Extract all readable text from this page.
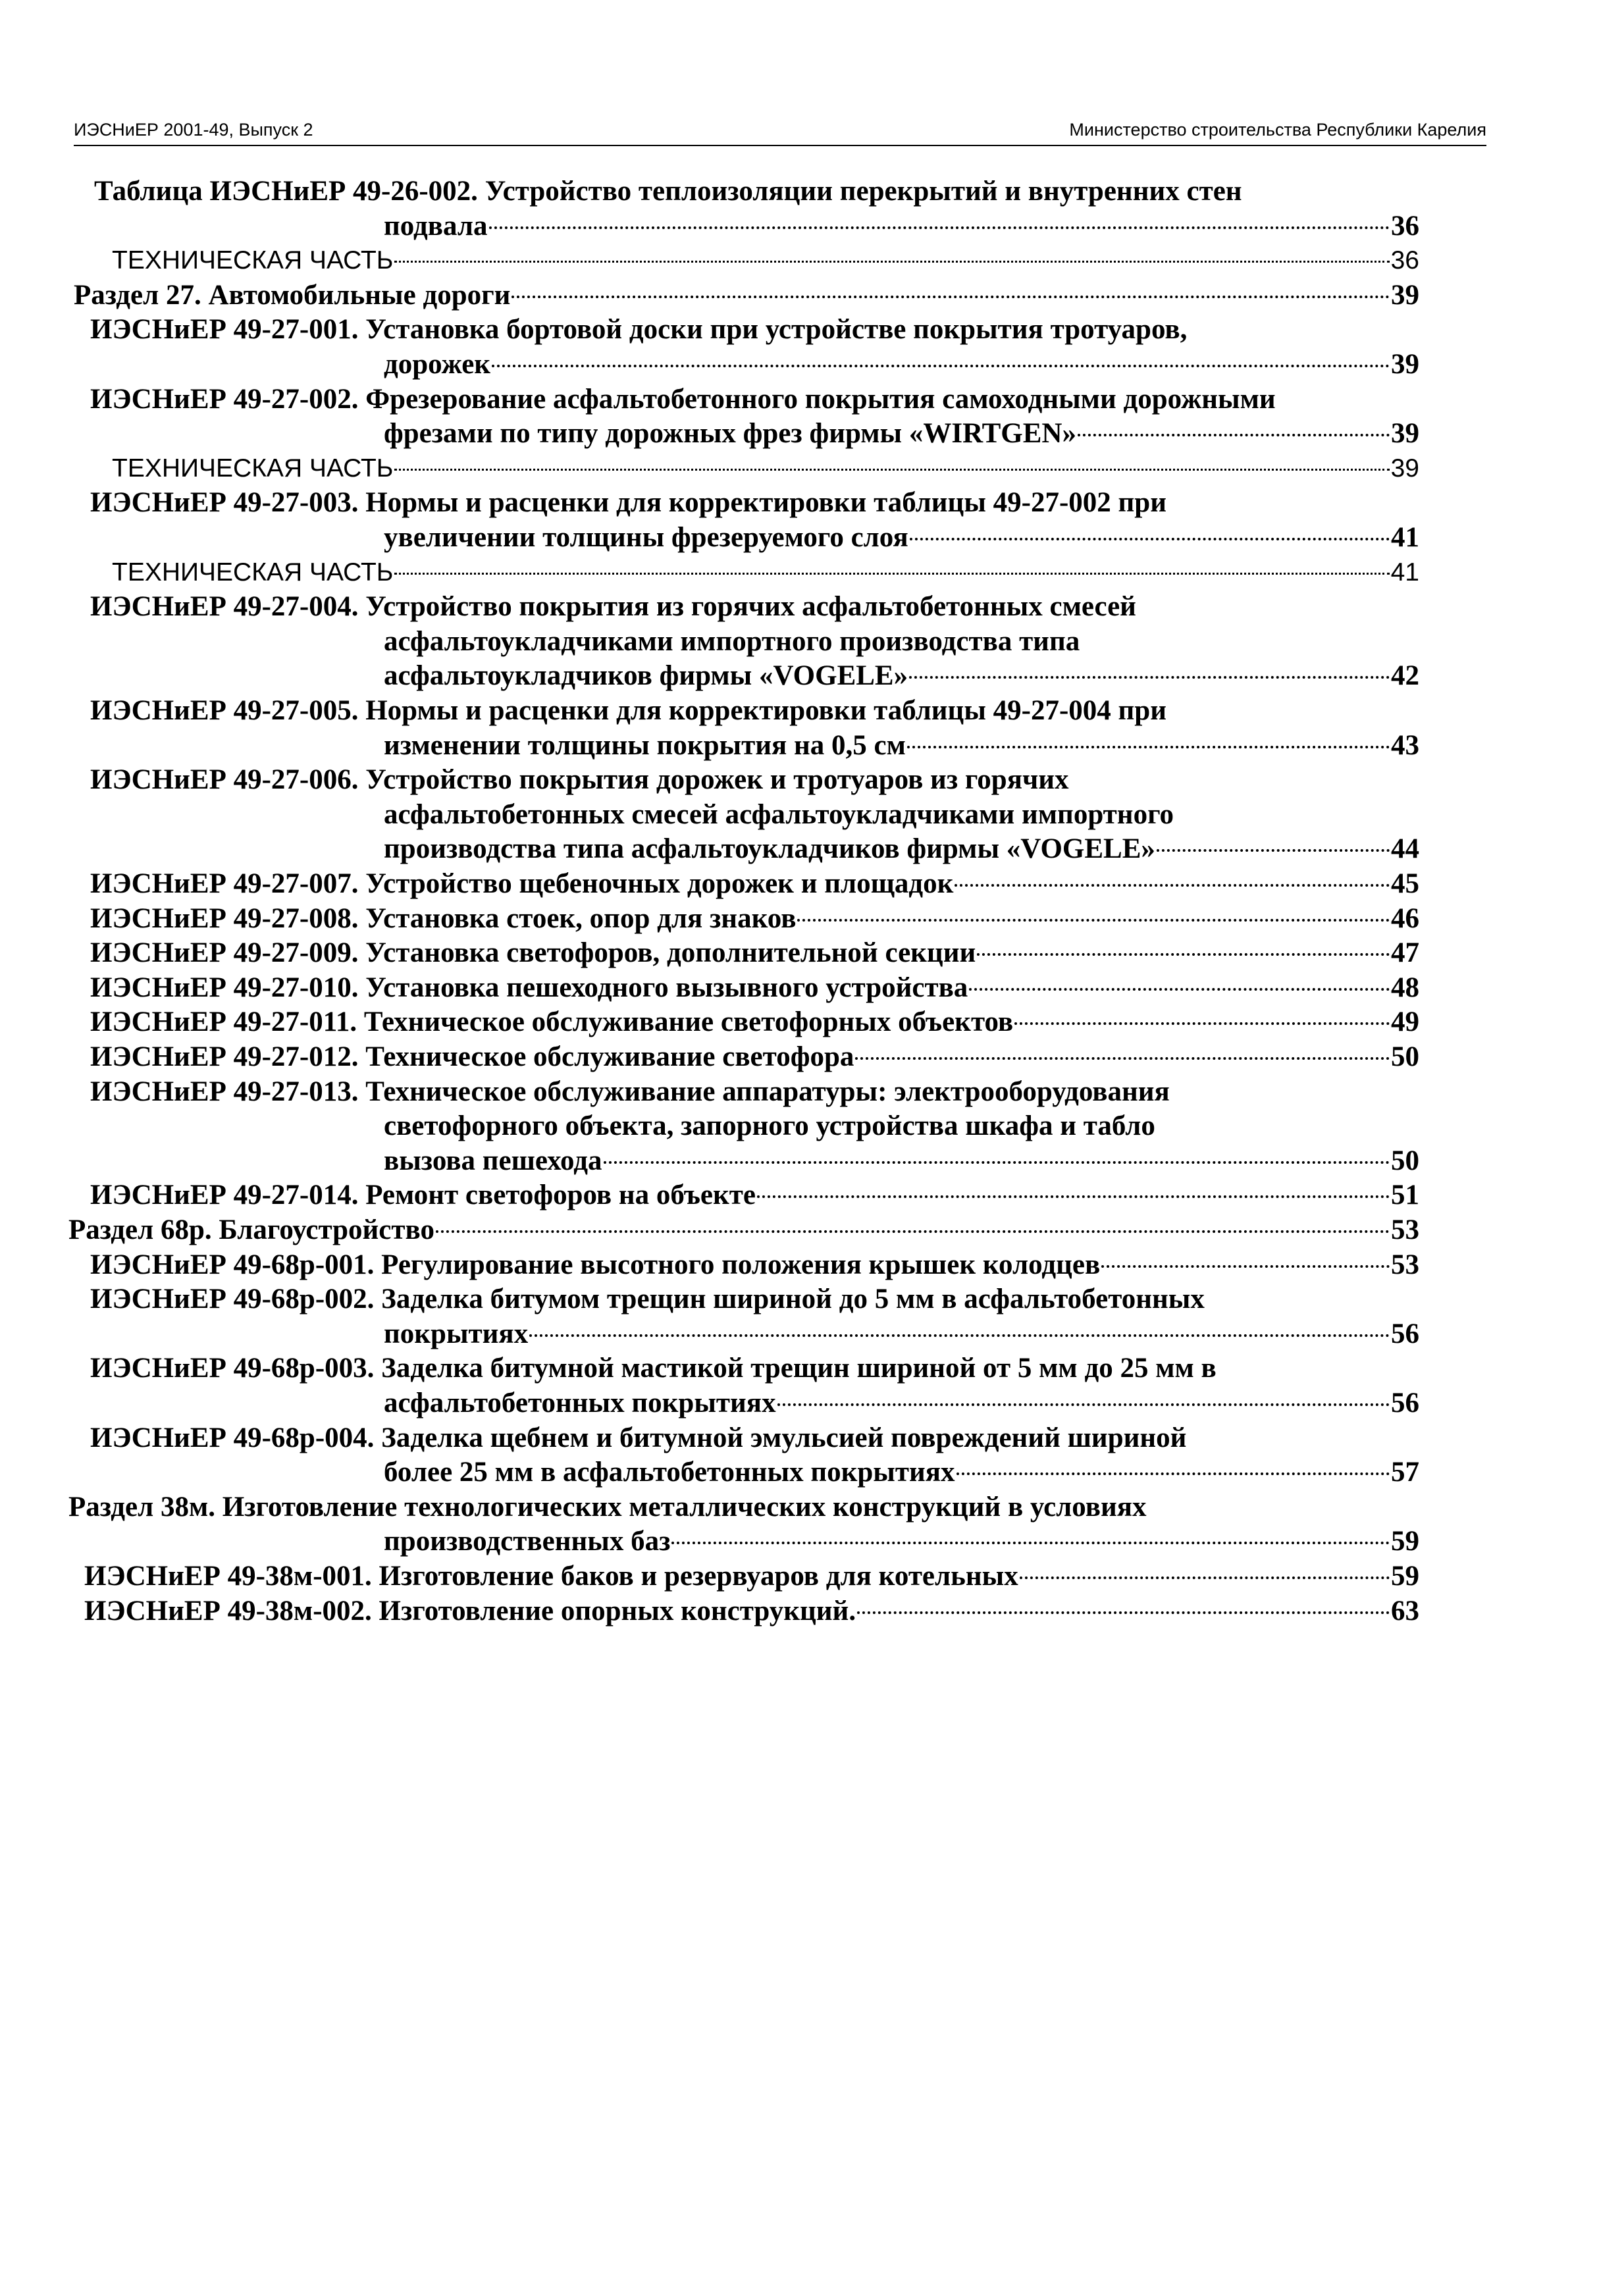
ИЭСНиЕР 2001-49, Выпуск 2	Министерство строительства Республики Карелия
Таблица ИЭСНиЕР 49-26-002. Устройство теплоизоляции перекрытий и внутренних стен
подвала	36
ТЕХНИЧЕСКАЯ ЧАСТЬ	36
Раздел 27.
Автомобильные дороги	39
ИЭСНиЕР 49-27-001. Установка бортовой доски при устройстве покрытия тротуаров,
дорожек	39
ИЭСНиЕР 49-27-002. Фрезерование асфальтобетонного покрытия самоходными дорожными
фрезами по типу дорожных фрез фирмы «WIRTGEN»	39
ТЕХНИЧЕСКАЯ ЧАСТЬ	39
ИЭСНиЕР 49-27-003. Нормы и расценки для корректировки таблицы 49-27-002 при
увеличении толщины фрезеруемого слоя	41
ТЕХНИЧЕСКАЯ ЧАСТЬ	41
ИЭСНиЕР 49-27-004. Устройство покрытия из горячих асфальтобетонных смесей
асфальтоукладчиками импортного производства типа
асфальтоукладчиков фирмы «VOGELE»	42
ИЭСНиЕР 49-27-005. Нормы и расценки для корректировки таблицы 49-27-004 при
изменении толщины покрытия на 0,5 см	43
ИЭСНиЕР 49-27-006. Устройство покрытия дорожек и тротуаров из горячих
асфальтобетонных смесей асфальтоукладчиками импортного
производства типа асфальтоукладчиков фирмы «VOGELE»	44
ИЭСНиЕР 49-27-007.
Устройство щебеночных дорожек и площадок	45
ИЭСНиЕР 49-27-008.
Установка стоек, опор для знаков	46
ИЭСНиЕР 49-27-009.
Установка светофоров, дополнительной секции	47
ИЭСНиЕР 49-27-010.
Установка пешеходного вызывного устройства	48
ИЭСНиЕР 49-27-011.
Техническое обслуживание светофорных объектов	49
ИЭСНиЕР 49-27-012.
Техническое обслуживание светофора	50
ИЭСНиЕР 49-27-013. Техническое обслуживание аппаратуры: электрооборудования
светофорного объекта, запорного устройства шкафа и табло
вызова пешехода	50
ИЭСНиЕР 49-27-014.
Ремонт светофоров на объекте	51
Раздел 68р.
Благоустройство	53
ИЭСНиЕР 49-68р-001.
Регулирование высотного положения крышек колодцев	53
ИЭСНиЕР 49-68р-002. Заделка битумом трещин шириной до 5 мм в асфальтобетонных
покрытиях	56
ИЭСНиЕР 49-68р-003. Заделка битумной мастикой трещин шириной от 5 мм до 25 мм в
асфальтобетонных покрытиях	56
ИЭСНиЕР 49-68р-004. Заделка щебнем и битумной эмульсией повреждений шириной
более 25 мм в асфальтобетонных покрытиях	57
Раздел 38м. Изготовление технологических металлических конструкций в условиях
производственных баз	59
ИЭСНиЕР 49-38м-001.
Изготовление баков и резервуаров для котельных	59
ИЭСНиЕР 49-38м-002.
Изготовление опорных конструкций.	63
